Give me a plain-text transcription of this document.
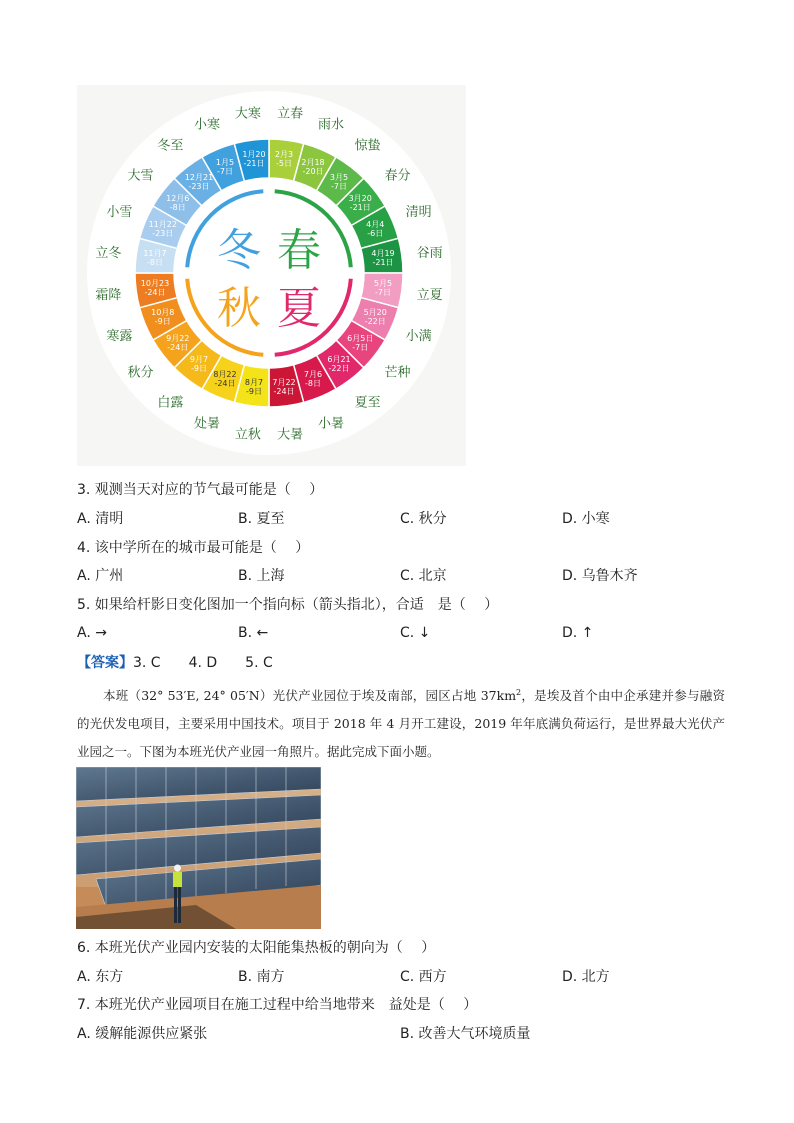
2月3 -5日
立春
2月18 -20日
雨水
3月5 -7日
惊蛰
3月20 -21日
春分
4月4 -6日
清明
4月19 -21日
谷雨
5月5 -7日 立夏
5月20 -22日
小满
6月5日-7日
芒种
6月21 -22日
夏至
7月6 -8日
小暑
7月22 -24日
大暑
8月7 -9日
立秋
8月22 -24日
处暑
9月7 -9日
白露
9月22 -24日
秋分
10月8 -9日
寒露
10月23 -24日
霜降
11月7 -8日
立冬
11月22 -23日
小雪
12月6 -8日
大雪	12月21 -23日
冬至
1月5 -7日
小寒
1月20 -21日
大寒
冬 春
秋 夏
3. 观测当天对应的节气最可能是（　 ）
A. 清明	B. 夏至	C. 秋分	D. 小寒
4. 该中学所在的城市最可能是（　 ）
A. 广州	B. 上海	C. 北京	D. 乌鲁木齐
5. 如果给杆影日变化图加一个指向标（箭头指北），合适　是（　 ）
A. →	B. ←	C. ↓	D. ↑
【答案】3. C　　4. D　　5. C
本班（32° 53′E, 24° 05′N）光伏产业园位于埃及南部，园区占地 $37km^2$，是埃及首个由中企承建并参与融资的光伏发电项目，主要采用中国技术。项目于 2018 年 4 月开工建设，2019 年年底满负荷运行，是世界最大光伏产业园之一。下图为本班光伏产业园一角照片。据此完成下面小题。
6. 本班光伏产业园内安装的太阳能集热板的朝向为（　 ）
A. 东方	B. 南方	C. 西方	D. 北方
7. 本班光伏产业园项目在施工过程中给当地带来　益处是（　 ）
A. 缓解能源供应紧张	B. 改善大气环境质量
